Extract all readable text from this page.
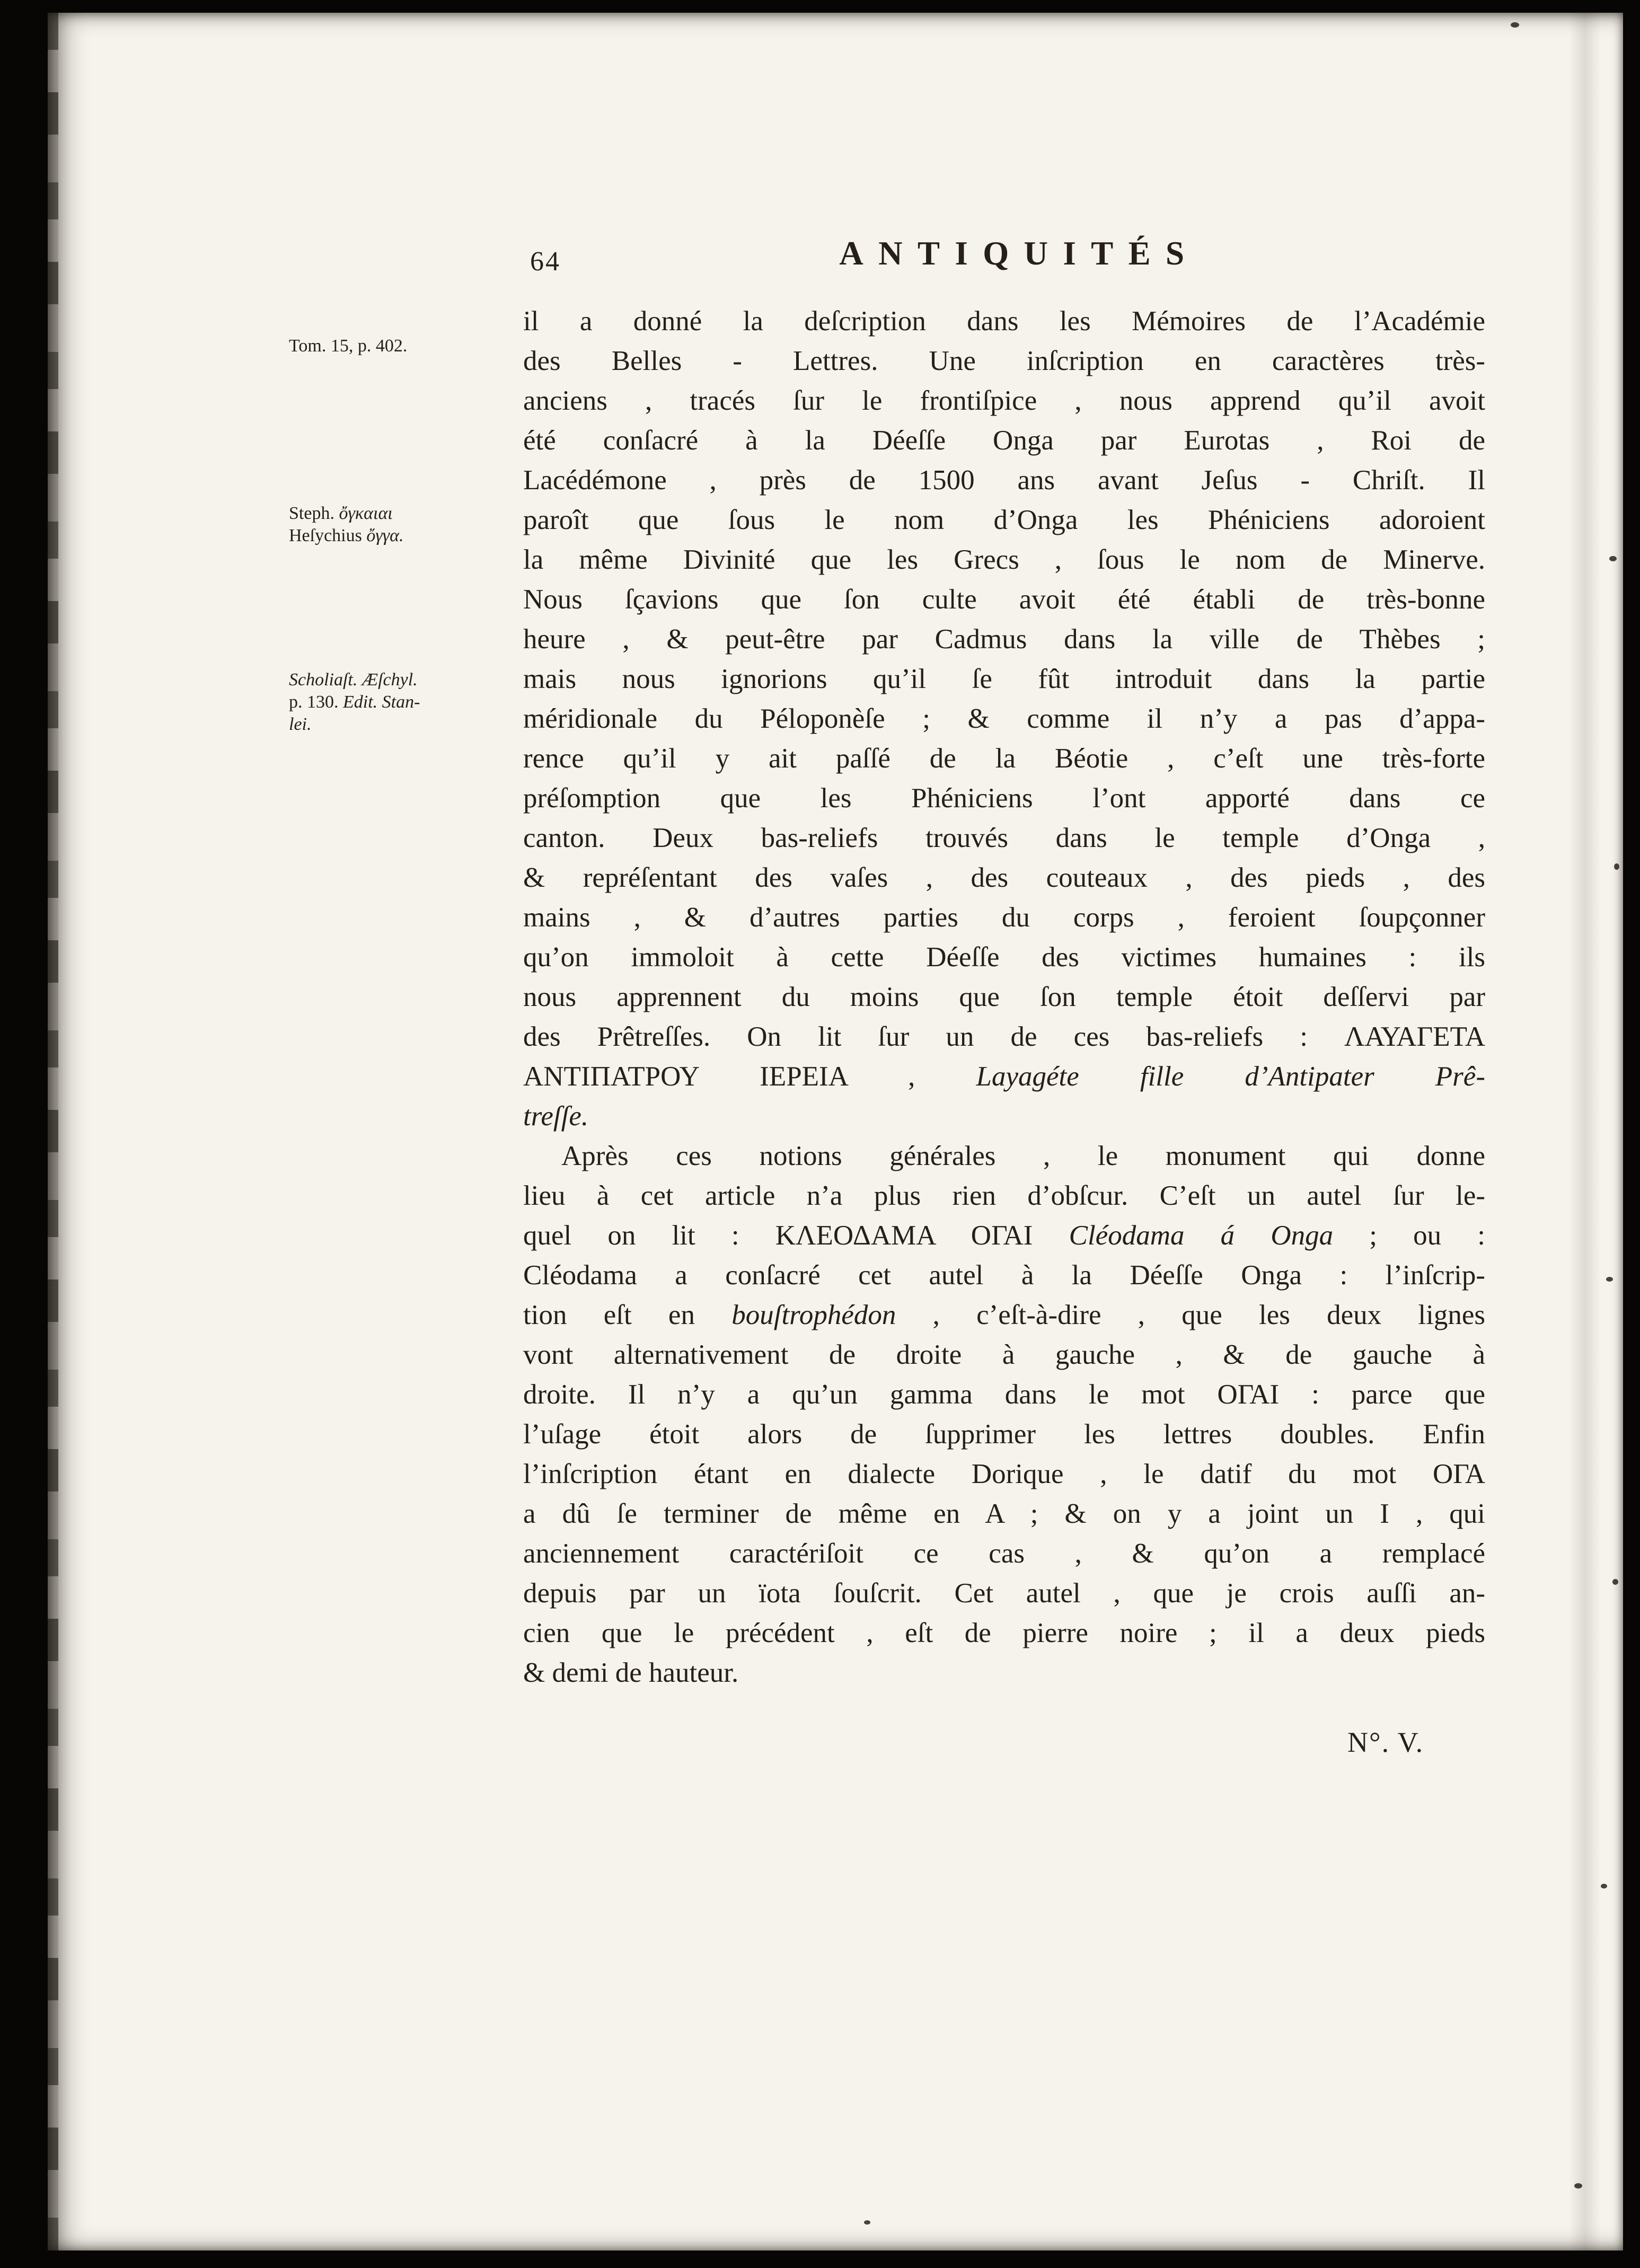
64	ANTIQUITÉS
Tom. 15, p. 402.
Steph. ὄγκαιαι
Heſychius ὄγγα.
Scholiaſt. Æſchyl.
p. 130. Edit. Stan-
lei.
il a donné la deſcription dans les Mémoires de l’Académie
des Belles - Lettres. Une inſcription en caractères très-
anciens , tracés ſur le frontiſpice , nous apprend qu’il avoit
été conſacré à la Déeſſe Onga par Eurotas , Roi de
Lacédémone , près de 1500 ans avant Jeſus - Chriſt. Il
paroît que ſous le nom d’Onga les Phéniciens adoroient
la même Divinité que les Grecs , ſous le nom de Minerve.
Nous ſçavions que ſon culte avoit été établi de très-bonne
heure , & peut-être par Cadmus dans la ville de Thèbes ;
mais nous ignorions qu’il ſe fût introduit dans la partie
méridionale du Péloponèſe ; & comme il n’y a pas d’appa-
rence qu’il y ait paſſé de la Béotie , c’eſt une très-forte
préſomption que les Phéniciens l’ont apporté dans ce
canton. Deux bas-reliefs trouvés dans le temple d’Onga ,
& repréſentant des vaſes , des couteaux , des pieds , des
mains , & d’autres parties du corps , feroient ſoupçonner
qu’on immoloit à cette Déeſſe des victimes humaines : ils
nous apprennent du moins que ſon temple étoit deſſervi par
des Prêtreſſes. On lit ſur un de ces bas-reliefs : ΛΑΥΑΓΕΤΑ
ΑΝΤΙΠΑΤΡΟΥ ΙΕΡΕΙΑ , Layagéte fille d’Antipater Prê-
treſſe.
Après ces notions générales , le monument qui donne
lieu à cet article n’a plus rien d’obſcur. C’eſt un autel ſur le-
quel on lit : ΚΛΕΟΔΑΜΑ ΟΓΑΙ Cléodama á Onga ; ou :
Cléodama a conſacré cet autel à la Déeſſe Onga : l’inſcrip-
tion eſt en bouſtrophédon , c’eſt-à-dire , que les deux lignes
vont alternativement de droite à gauche , & de gauche à
droite. Il n’y a qu’un gamma dans le mot ΟΓΑΙ : parce que
l’uſage étoit alors de ſupprimer les lettres doubles. Enfin
l’inſcription étant en dialecte Dorique , le datif du mot ΟΓΑ
a dû ſe terminer de même en A ; & on y a joint un I , qui
anciennement caractériſoit ce cas , & qu’on a remplacé
depuis par un ïota ſouſcrit. Cet autel , que je crois auſſi an-
cien que le précédent , eſt de pierre noire ; il a deux pieds
& demi de hauteur.
N°. V.
